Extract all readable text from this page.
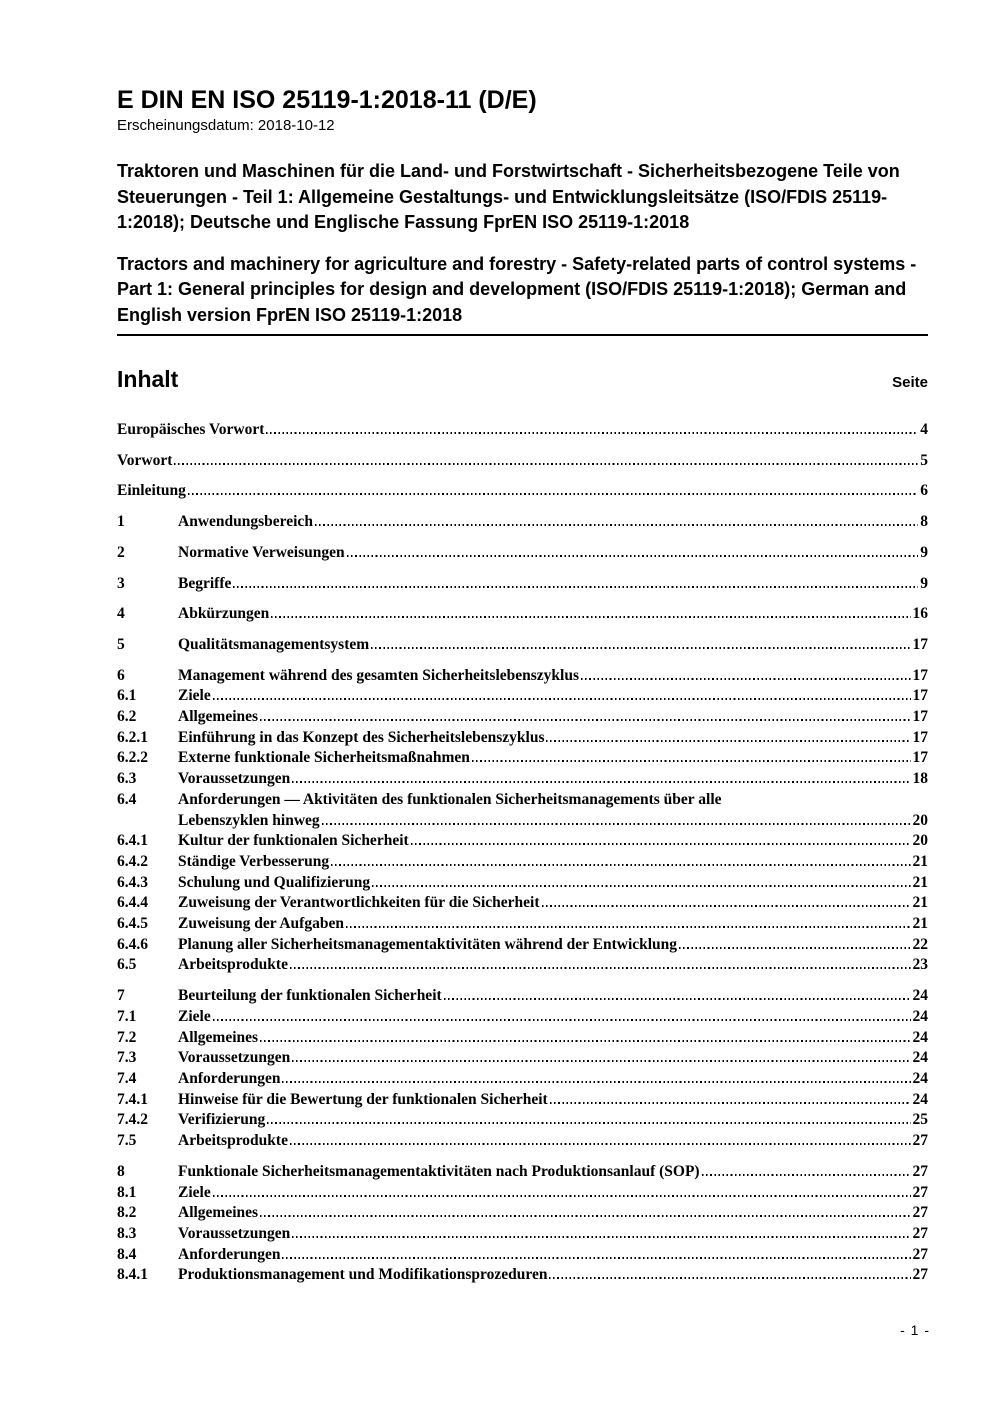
E DIN EN ISO 25119-1:2018-11 (D/E)
Erscheinungsdatum: 2018-10-12

Traktoren und Maschinen für die Land- und Forstwirtschaft - Sicherheitsbezogene Teile von Steuerungen - Teil 1: Allgemeine Gestaltungs- und Entwicklungsleitsätze (ISO/FDIS 25119-1:2018); Deutsche und Englische Fassung FprEN ISO 25119-1:2018

Tractors and machinery for agriculture and forestry - Safety-related parts of control systems - Part 1: General principles for design and development (ISO/FDIS 25119-1:2018); German and English version FprEN ISO 25119-1:2018

Inhalt	Seite
Europäisches Vorwort	4
Vorwort	5
Einleitung	6
1	Anwendungsbereich	8
2	Normative Verweisungen	9
3	Begriffe	9
4	Abkürzungen	16
5	Qualitätsmanagementsystem	17
6	Management während des gesamten Sicherheitslebenszyklus	17
6.1	Ziele	17
6.2	Allgemeines	17
6.2.1	Einführung in das Konzept des Sicherheitslebenszyklus	17
6.2.2	Externe funktionale Sicherheitsmaßnahmen	17
6.3	Voraussetzungen	18
6.4	Anforderungen — Aktivitäten des funktionalen Sicherheitsmanagements über alle
Lebenszyklen hinweg	20
6.4.1	Kultur der funktionalen Sicherheit	20
6.4.2	Ständige Verbesserung	21
6.4.3	Schulung und Qualifizierung	21
6.4.4	Zuweisung der Verantwortlichkeiten für die Sicherheit	21
6.4.5	Zuweisung der Aufgaben	21
6.4.6	Planung aller Sicherheitsmanagementaktivitäten während der Entwicklung	22
6.5	Arbeitsprodukte	23
7	Beurteilung der funktionalen Sicherheit	24
7.1	Ziele	24
7.2	Allgemeines	24
7.3	Voraussetzungen	24
7.4	Anforderungen	24
7.4.1	Hinweise für die Bewertung der funktionalen Sicherheit	24
7.4.2	Verifizierung	25
7.5	Arbeitsprodukte	27
8	Funktionale Sicherheitsmanagementaktivitäten nach Produktionsanlauf (SOP)	27
8.1	Ziele	27
8.2	Allgemeines	27
8.3	Voraussetzungen	27
8.4	Anforderungen	27
8.4.1	Produktionsmanagement und Modifikationsprozeduren	27
- 1 -
